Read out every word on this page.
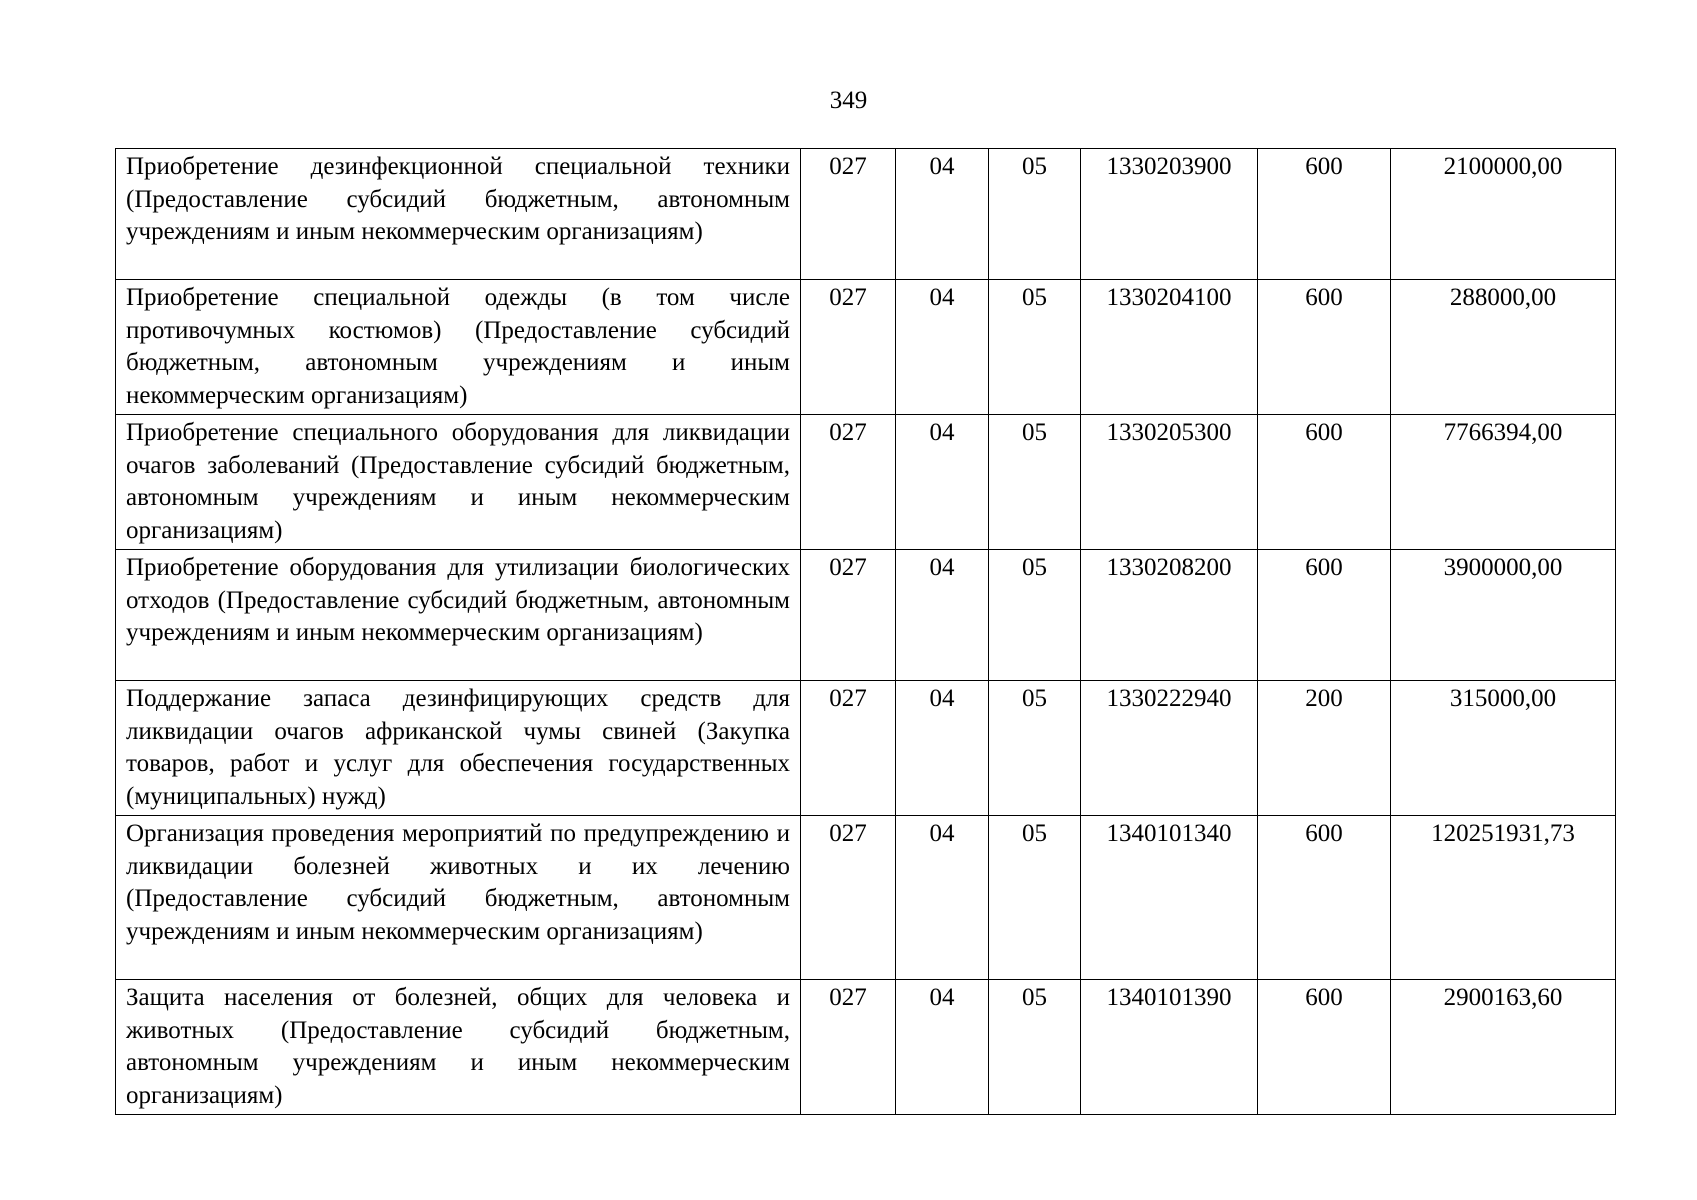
349
Приобретение дезинфекционной специальной техники (Предоставление субсидий бюджетным, автономным учреждениям и иным некоммерческим организациям)	027	04	05	1330203900	600	2100000,00
Приобретение специальной одежды (в том числе противочумных костюмов) (Предоставление субсидий бюджетным, автономным учреждениям и иным некоммерческим организациям)	027	04	05	1330204100	600	288000,00
Приобретение специального оборудования для ликвидации очагов заболеваний (Предоставление субсидий бюджетным, автономным учреждениям и иным некоммерческим организациям)	027	04	05	1330205300	600	7766394,00
Приобретение оборудования для утилизации биологических отходов (Предоставление субсидий бюджетным, автономным учреждениям и иным некоммерческим организациям)	027	04	05	1330208200	600	3900000,00
Поддержание запаса дезинфицирующих средств для ликвидации очагов африканской чумы свиней (Закупка товаров, работ и услуг для обеспечения государственных (муниципальных) нужд)	027	04	05	1330222940	200	315000,00
Организация проведения мероприятий по предупреждению и ликвидации болезней животных и их лечению (Предоставление субсидий бюджетным, автономным учреждениям и иным некоммерческим организациям)	027	04	05	1340101340	600	120251931,73
Защита населения от болезней, общих для человека и животных (Предоставление субсидий бюджетным, автономным учреждениям и иным некоммерческим организациям)	027	04	05	1340101390	600	2900163,60
